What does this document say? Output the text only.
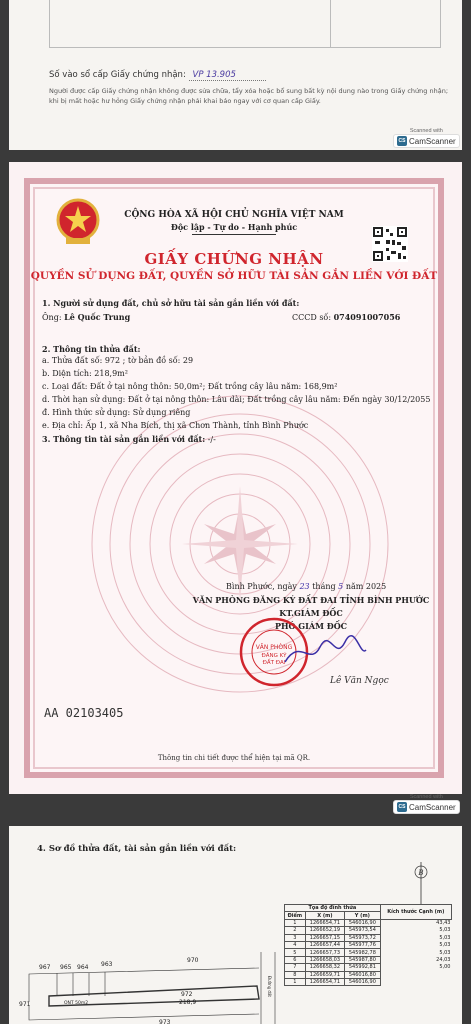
Số vào sổ cấp Giấy chứng nhận: VP 13.905
Người được cấp Giấy chứng nhận không được sửa chữa, tẩy xóa hoặc bổ sung bất kỳ nội dung nào trong Giấy chứng nhận; khi bị mất hoặc hư hỏng Giấy chứng nhận phải khai báo ngay với cơ quan cấp Giấy.
Scanned with
CS CamScanner
CỘNG HÒA XÃ HỘI CHỦ NGHĨA VIỆT NAM
Độc lập - Tự do - Hạnh phúc
GIẤY CHỨNG NHẬN
QUYỀN SỬ DỤNG ĐẤT, QUYỀN SỞ HỮU TÀI SẢN GẮN LIỀN VỚI ĐẤT
1. Người sử dụng đất, chủ sở hữu tài sản gắn liền với đất:
Ông: Lê Quốc Trung	CCCD số: 074091007056
2. Thông tin thửa đất:
a. Thửa đất số: 972 ; tờ bản đồ số: 29
b. Diện tích: 218,9m²
c. Loại đất: Đất ở tại nông thôn: 50,0m²; Đất trồng cây lâu năm: 168,9m²
d. Thời hạn sử dụng: Đất ở tại nông thôn: Lâu dài; Đất trồng cây lâu năm: Đến ngày 30/12/2055
đ. Hình thức sử dụng: Sử dụng riêng
e. Địa chỉ: Ấp 1, xã Nha Bích, thị xã Chơn Thành, tỉnh Bình Phước
3. Thông tin tài sản gắn liền với đất: -/-
Bình Phước, ngày 23 tháng 5 năm 2025
VĂN PHÒNG ĐĂNG KÝ ĐẤT ĐAI TỈNH BÌNH PHƯỚC
KT.GIÁM ĐỐC
PHÓ GIÁM ĐỐC
VĂN PHÒNG
ĐĂNG KÝ
ĐẤT ĐAI
Lê Văn Ngọc
AA 02103405
Thông tin chi tiết được thể hiện tại mã QR.
Scanned with
CS CamScanner
4. Sơ đồ thửa đất, tài sản gắn liền với đất:
B
967 965 964 963
970
971
973
ONT 50m2
972
218,9
Đường đất
Tọa độ đỉnh thửa			Kích thước Cạnh (m)
Điểm	X (m)	Y (m)	
1	1266654,71	546016,90	43,43
2	1266652,19	545973,54	5,03
3	1266657,15	545973,72	5,03
4	1266657,44	545977,76	5,03
5	1266657,73	545982,78	5,03
6	1266658,03	545987,80	24,03
7	1266658,32	545992,81	5,00
8	1266659,71	546016,80	
1	1266654,71	546016,90	
